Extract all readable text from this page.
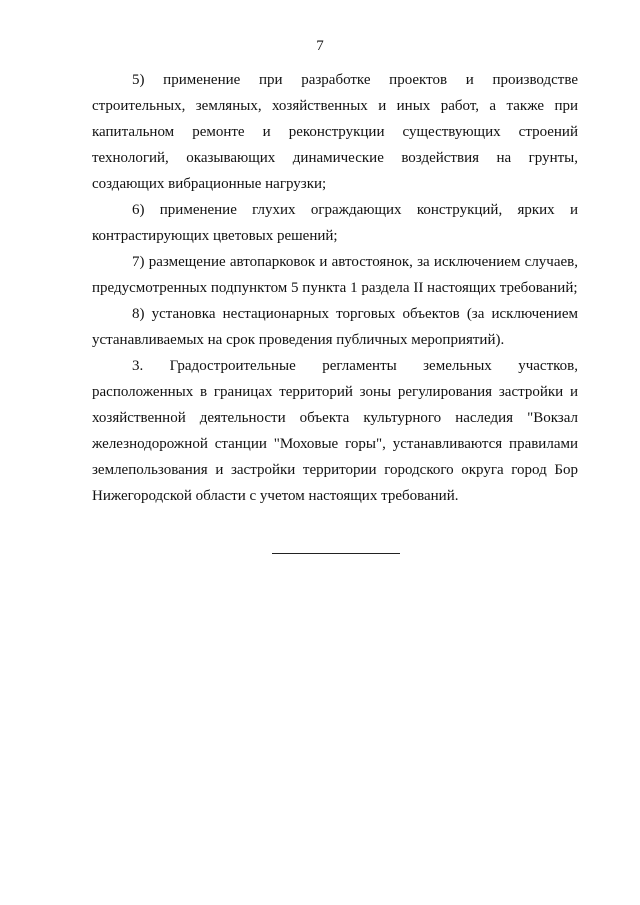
7

5) применение при разработке проектов и производстве строительных, земляных, хозяйственных и иных работ, а также при капитальном ремонте и реконструкции существующих строений технологий, оказывающих динамические воздействия на грунты, создающих вибрационные нагрузки;

6) применение глухих ограждающих конструкций, ярких и контрастирующих цветовых решений;

7) размещение автопарковок и автостоянок, за исключением случаев, предусмотренных подпунктом 5 пункта 1 раздела II настоящих требований;

8) установка нестационарных торговых объектов (за исключением устанавливаемых на срок проведения публичных мероприятий).

3. Градостроительные регламенты земельных участков, расположенных в границах территорий зоны регулирования застройки и хозяйственной деятельности объекта культурного наследия "Вокзал железнодорожной станции "Моховые горы", устанавливаются правилами землепользования и застройки территории городского округа город Бор Нижегородской области с учетом настоящих требований.
